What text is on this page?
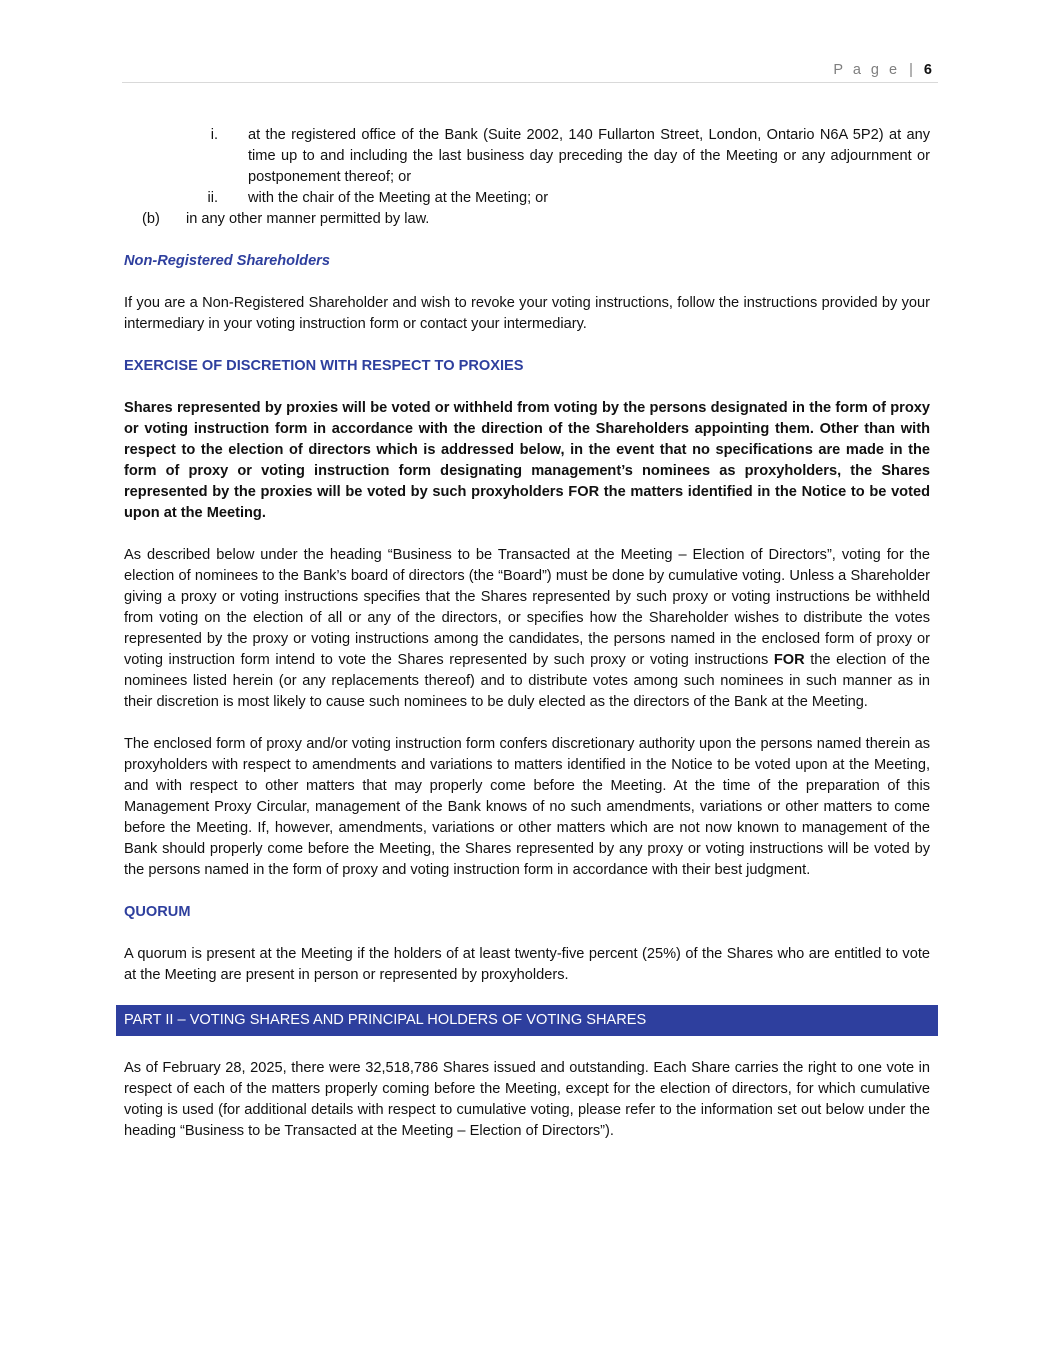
P a g e | 6
i. at the registered office of the Bank (Suite 2002, 140 Fullarton Street, London, Ontario N6A 5P2) at any time up to and including the last business day preceding the day of the Meeting or any adjournment or postponement thereof; or
ii. with the chair of the Meeting at the Meeting; or
(b) in any other manner permitted by law.

Non-Registered Shareholders

If you are a Non-Registered Shareholder and wish to revoke your voting instructions, follow the instructions provided by your intermediary in your voting instruction form or contact your intermediary.

EXERCISE OF DISCRETION WITH RESPECT TO PROXIES

Shares represented by proxies will be voted or withheld from voting by the persons designated in the form of proxy or voting instruction form in accordance with the direction of the Shareholders appointing them. Other than with respect to the election of directors which is addressed below, in the event that no specifications are made in the form of proxy or voting instruction form designating management’s nominees as proxyholders, the Shares represented by the proxies will be voted by such proxyholders FOR the matters identified in the Notice to be voted upon at the Meeting.

As described below under the heading “Business to be Transacted at the Meeting – Election of Directors”, voting for the election of nominees to the Bank’s board of directors (the “Board”) must be done by cumulative voting. Unless a Shareholder giving a proxy or voting instructions specifies that the Shares represented by such proxy or voting instructions be withheld from voting on the election of all or any of the directors, or specifies how the Shareholder wishes to distribute the votes represented by the proxy or voting instructions among the candidates, the persons named in the enclosed form of proxy or voting instruction form intend to vote the Shares represented by such proxy or voting instructions FOR the election of the nominees listed herein (or any replacements thereof) and to distribute votes among such nominees in such manner as in their discretion is most likely to cause such nominees to be duly elected as the directors of the Bank at the Meeting.

The enclosed form of proxy and/or voting instruction form confers discretionary authority upon the persons named therein as proxyholders with respect to amendments and variations to matters identified in the Notice to be voted upon at the Meeting, and with respect to other matters that may properly come before the Meeting. At the time of the preparation of this Management Proxy Circular, management of the Bank knows of no such amendments, variations or other matters to come before the Meeting. If, however, amendments, variations or other matters which are not now known to management of the Bank should properly come before the Meeting, the Shares represented by any proxy or voting instructions will be voted by the persons named in the form of proxy and voting instruction form in accordance with their best judgment.

QUORUM

A quorum is present at the Meeting if the holders of at least twenty-five percent (25%) of the Shares who are entitled to vote at the Meeting are present in person or represented by proxyholders.

PART II – VOTING SHARES AND PRINCIPAL HOLDERS OF VOTING SHARES

As of February 28, 2025, there were 32,518,786 Shares issued and outstanding. Each Share carries the right to one vote in respect of each of the matters properly coming before the Meeting, except for the election of directors, for which cumulative voting is used (for additional details with respect to cumulative voting, please refer to the information set out below under the heading “Business to be Transacted at the Meeting – Election of Directors”).
